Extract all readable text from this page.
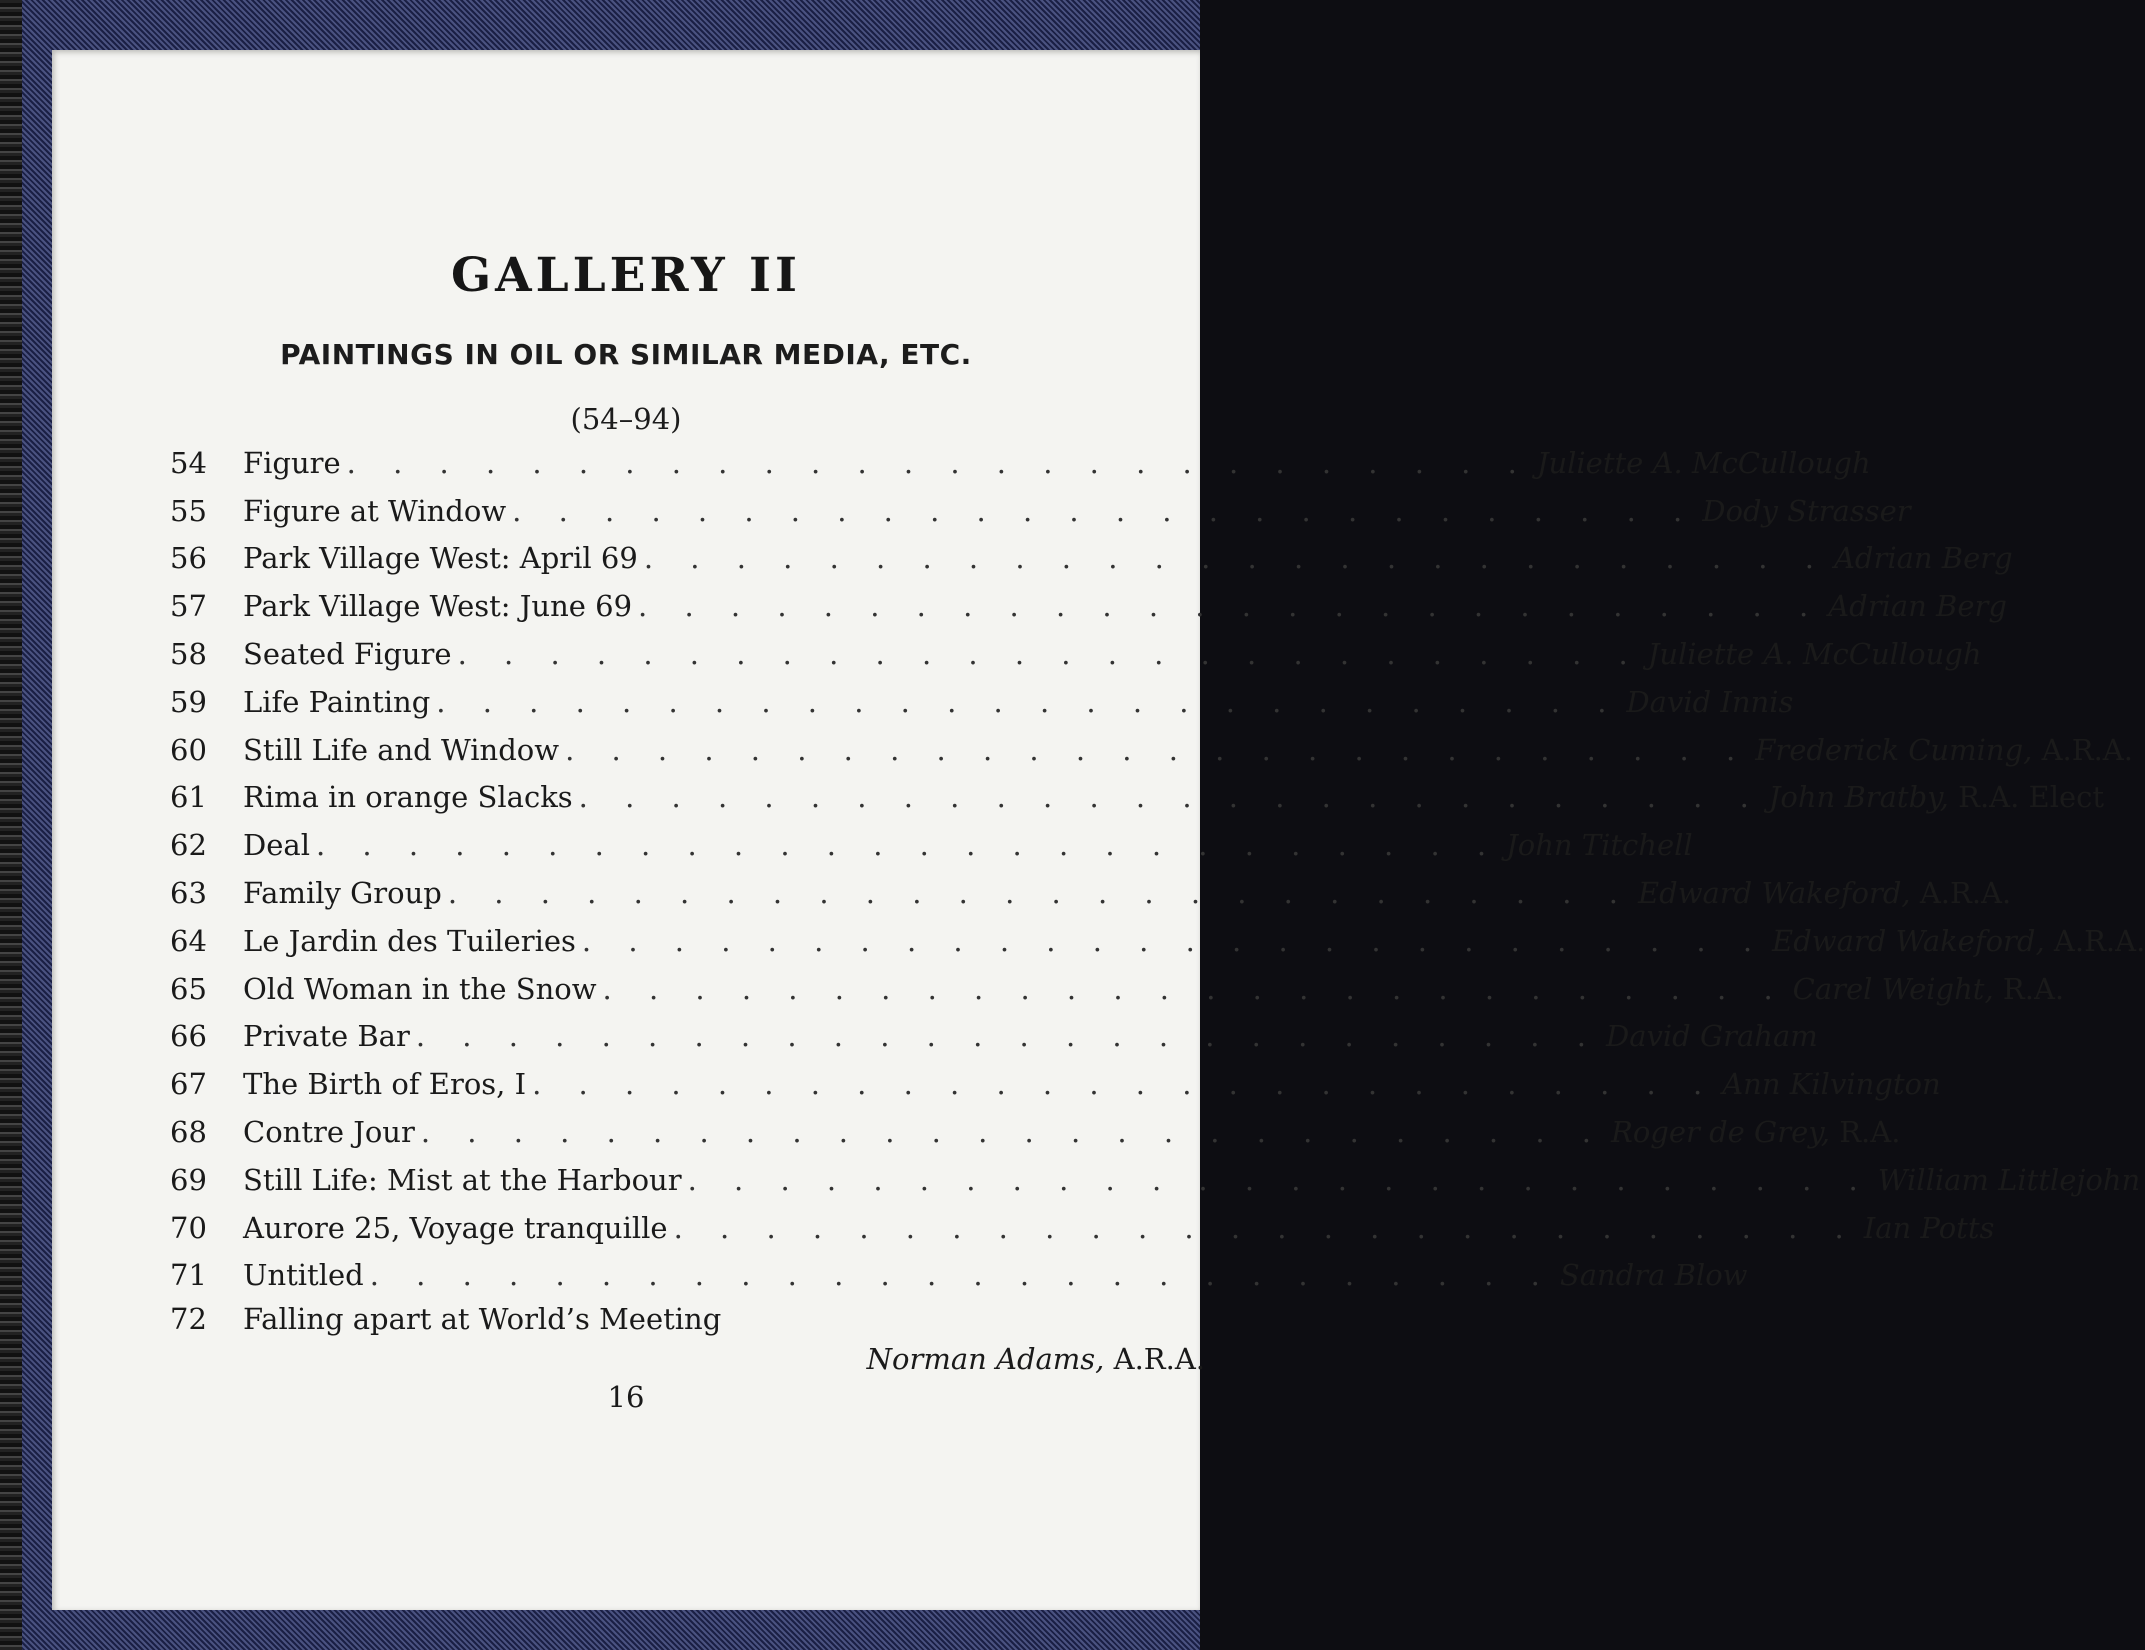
GALLERY II
PAINTINGS IN OIL OR SIMILAR MEDIA, ETC.
(54–94)
54	Figure . . . . . . . . . . . . . . . . . . . . . . . . . . Juliette A. McCullough
55	Figure at Window . . . . . . . . . . . . . . . . . . . . . . . . . . Dody Strasser
56	Park Village West: April 69 . . . . . . . . . . . . . . . . . . . . . . . . . . Adrian Berg
57	Park Village West: June 69 . . . . . . . . . . . . . . . . . . . . . . . . . . Adrian Berg
58	Seated Figure . . . . . . . . . . . . . . . . . . . . . . . . . . Juliette A. McCullough
59	Life Painting . . . . . . . . . . . . . . . . . . . . . . . . . . David Innis
60	Still Life and Window . . . . . . . . . . . . . . . . . . . . . . . . . . Frederick Cuming, A.R.A.
61	Rima in orange Slacks . . . . . . . . . . . . . . . . . . . . . . . . . . John Bratby, R.A. Elect
62	Deal . . . . . . . . . . . . . . . . . . . . . . . . . . John Titchell
63	Family Group . . . . . . . . . . . . . . . . . . . . . . . . . . Edward Wakeford, A.R.A.
64	Le Jardin des Tuileries . . . . . . . . . . . . . . . . . . . . . . . . . . Edward Wakeford, A.R.A.
65	Old Woman in the Snow . . . . . . . . . . . . . . . . . . . . . . . . . . Carel Weight, R.A.
66	Private Bar . . . . . . . . . . . . . . . . . . . . . . . . . . David Graham
67	The Birth of Eros, I . . . . . . . . . . . . . . . . . . . . . . . . . . Ann Kilvington
68	Contre Jour . . . . . . . . . . . . . . . . . . . . . . . . . . Roger de Grey, R.A.
69	Still Life: Mist at the Harbour . . . . . . . . . . . . . . . . . . . . . . . . . . William Littlejohn
70	Aurore 25, Voyage tranquille . . . . . . . . . . . . . . . . . . . . . . . . . . Ian Potts
71	Untitled . . . . . . . . . . . . . . . . . . . . . . . . . . Sandra Blow
72	Falling apart at World’s Meeting
Norman Adams, A.R.A.
16
